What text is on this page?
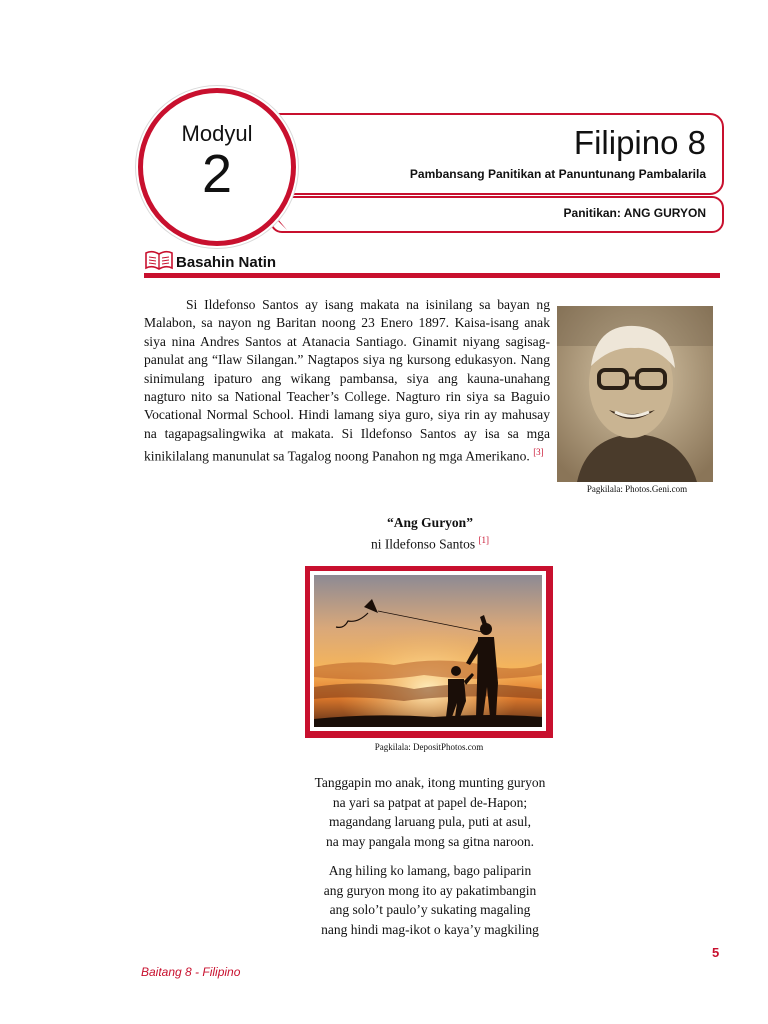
Modyul
2
Filipino 8
Pambansang Panitikan at Panuntunang Pambalarila
Panitikan: ANG GURYON
Basahin Natin
Si Ildefonso Santos ay isang makata na isinilang sa bayan ng Malabon, sa nayon ng Baritan noong 23 Enero 1897. Kaisa-isang anak siya nina Andres Santos at Atanacia Santiago. Ginamit niyang sagisag-panulat ang “Ilaw Silangan.” Nagtapos siya ng kursong edukasyon. Nang sinimulang ipaturo ang wikang pambansa, siya ang kauna-unahang nagturo nito sa National Teacher’s College. Nagturo rin siya sa Baguio Vocational Normal School. Hindi lamang siya guro, siya rin ay mahusay na tagapagsalingwika at makata. Si Ildefonso Santos ay isa sa mga kinikilalang manunulat sa Tagalog noong Panahon ng mga Amerikano. [3]
Pagkilala: Photos.Geni.com
“Ang Guryon”
ni Ildefonso Santos [1]
Pagkilala: DepositPhotos.com
Tanggapin mo anak, itong munting guryon
na yari sa patpat at papel de-Hapon;
magandang laruang pula, puti at asul,
na may pangala mong sa gitna naroon.
Ang hiling ko lamang, bago paliparin
ang guryon mong ito ay pakatimbangin
ang solo’t paulo’y sukating magaling
nang hindi mag-ikot o kaya’y magkiling
5
Baitang 8 - Filipino
